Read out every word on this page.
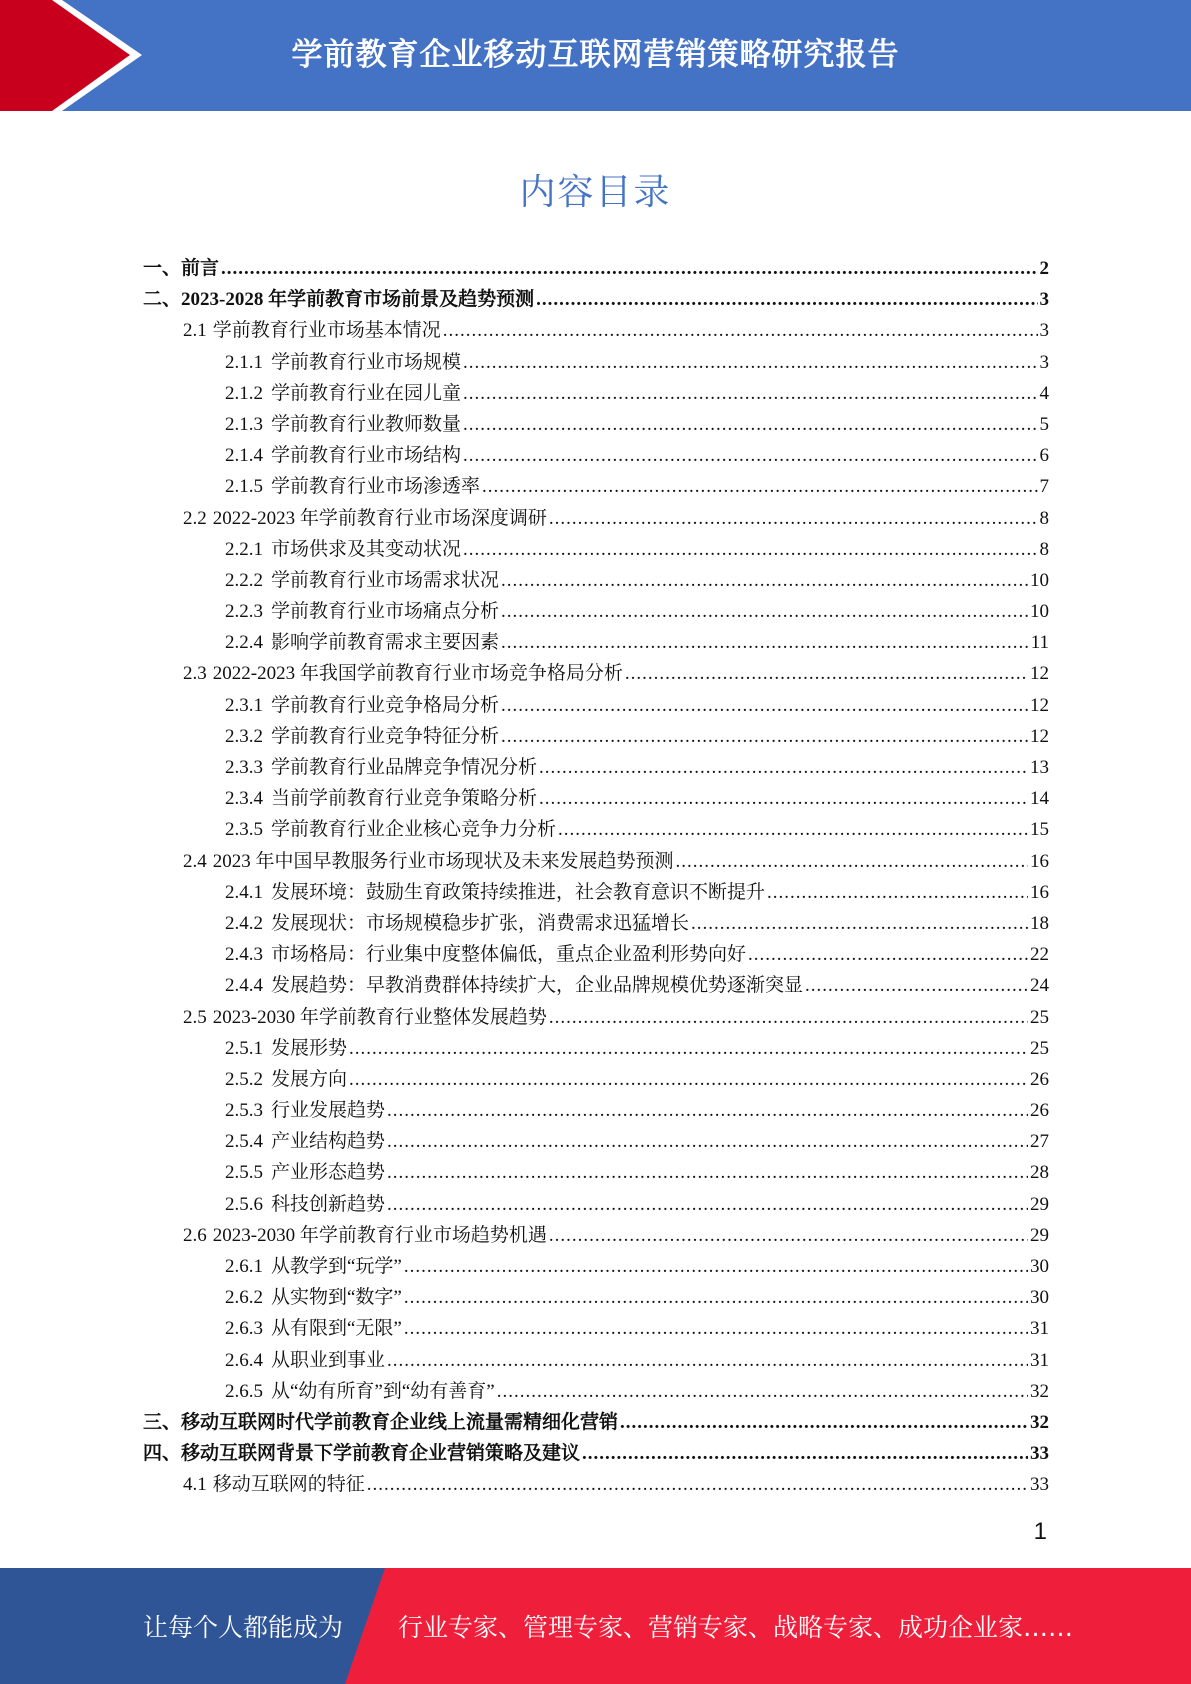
学前教育企业移动互联网营销策略研究报告
内容目录
一、前言 .....	2
二、2023-2028 年学前教育市场前景及趋势预测 .....	3
2.1 学前教育行业市场基本情况 .....	3
2.1.1 学前教育行业市场规模 .....	3
2.1.2 学前教育行业在园儿童 .....	4
2.1.3 学前教育行业教师数量 .....	5
2.1.4 学前教育行业市场结构 .....	6
2.1.5 学前教育行业市场渗透率 .....	7
2.2 2022-2023 年学前教育行业市场深度调研 .....	8
2.2.1 市场供求及其变动状况 .....	8
2.2.2 学前教育行业市场需求状况 .....	10
2.2.3 学前教育行业市场痛点分析 .....	10
2.2.4 影响学前教育需求主要因素 .....	11
2.3 2022-2023 年我国学前教育行业市场竞争格局分析 .....	12
2.3.1 学前教育行业竞争格局分析 .....	12
2.3.2 学前教育行业竞争特征分析 .....	12
2.3.3 学前教育行业品牌竞争情况分析 .....	13
2.3.4 当前学前教育行业竞争策略分析 .....	14
2.3.5 学前教育行业企业核心竞争力分析 .....	15
2.4 2023 年中国早教服务行业市场现状及未来发展趋势预测 .....	16
2.4.1 发展环境：鼓励生育政策持续推进，社会教育意识不断提升 .....	16
2.4.2 发展现状：市场规模稳步扩张，消费需求迅猛增长 .....	18
2.4.3 市场格局：行业集中度整体偏低，重点企业盈利形势向好 .....	22
2.4.4 发展趋势：早教消费群体持续扩大，企业品牌规模优势逐渐突显 .....	24
2.5 2023-2030 年学前教育行业整体发展趋势 .....	25
2.5.1 发展形势 .....	25
2.5.2 发展方向 .....	26
2.5.3 行业发展趋势 .....	26
2.5.4 产业结构趋势 .....	27
2.5.5 产业形态趋势 .....	28
2.5.6 科技创新趋势 .....	29
2.6 2023-2030 年学前教育行业市场趋势机遇 .....	29
2.6.1 从教学到“玩学” .....	30
2.6.2 从实物到“数字” .....	30
2.6.3 从有限到“无限” .....	31
2.6.4 从职业到事业 .....	31
2.6.5 从“幼有所育”到“幼有善育” .....	32
三、移动互联网时代学前教育企业线上流量需精细化营销 .....	32
四、移动互联网背景下学前教育企业营销策略及建议 .....	33
4.1 移动互联网的特征 .....	33
1
让每个人都能成为 行业专家、管理专家、营销专家、战略专家、成功企业家……
